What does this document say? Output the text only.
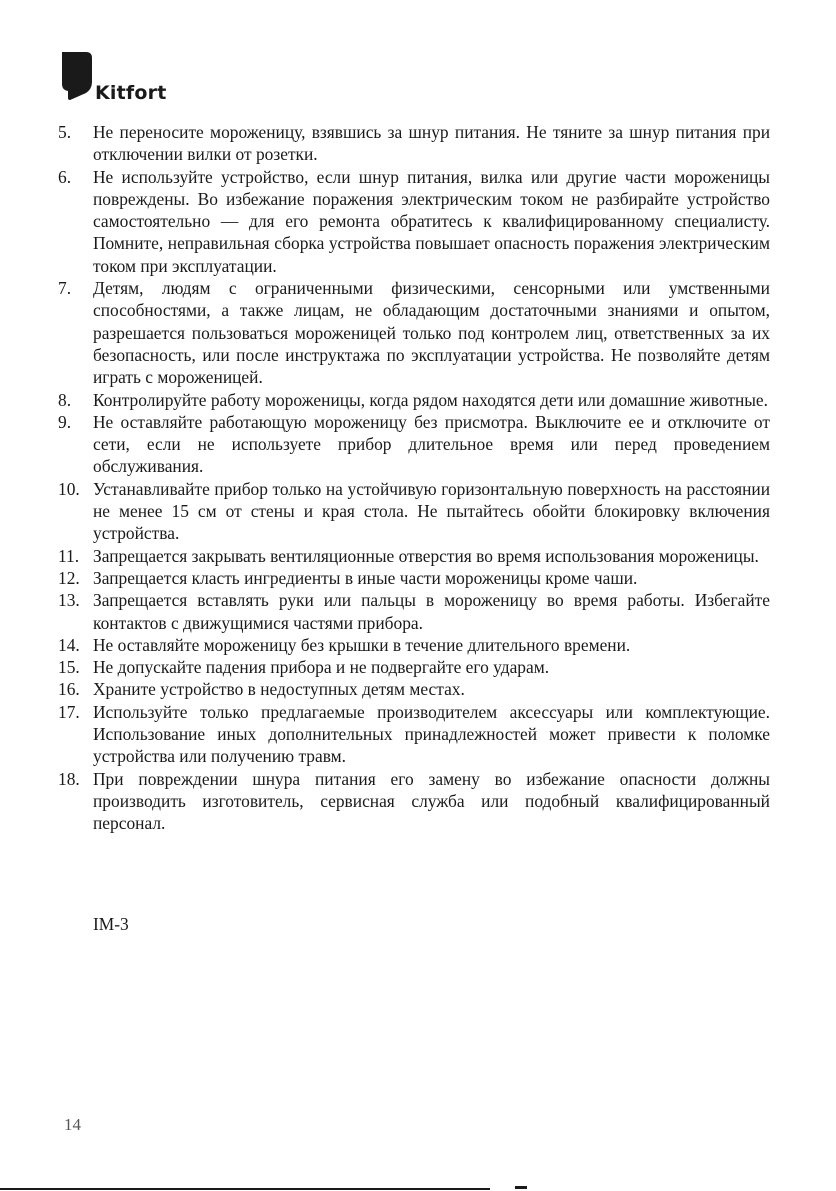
Kitfort
5.	Не переносите мороженицу, взявшись за шнур питания. Не тяните за шнур питания при отключении вилки от розетки.
6.	Не используйте устройство, если шнур питания, вилка или другие части мороженицы повреждены. Во избежание поражения электрическим током не разбирайте устройство самостоятельно — для его ремонта обратитесь к квалифицированному специалисту. Помните, неправильная сборка устройства повышает опасность поражения электрическим током при эксплуатации.
7.	Детям, людям с ограниченными физическими, сенсорными или умственными способностями, а также лицам, не обладающим достаточными знаниями и опытом, разрешается пользоваться мороженицей только под контролем лиц, ответственных за их безопасность, или после инструктажа по эксплуатации устройства. Не позволяйте детям играть с мороженицей.
8.	Контролируйте работу мороженицы, когда рядом находятся дети или домашние животные.
9.	Не оставляйте работающую мороженицу без присмотра. Выключите ее и отключите от сети, если не используете прибор длительное время или перед проведением обслуживания.
10. Устанавливайте прибор только на устойчивую горизонтальную поверхность на расстоянии не менее 15 см от стены и края стола. Не пытайтесь обойти блокировку включения устройства.
11. Запрещается закрывать вентиляционные отверстия во время использования мороженицы.
12. Запрещается класть ингредиенты в иные части мороженицы кроме чаши.
13. Запрещается вставлять руки или пальцы в мороженицу во время работы. Избегайте контактов с движущимися частями прибора.
14. Не оставляйте мороженицу без крышки в течение длительного времени.
15. Не допускайте падения прибора и не подвергайте его ударам.
16. Храните устройство в недоступных детям местах.
17. Используйте только предлагаемые производителем аксессуары или комплектующие. Использование иных дополнительных принадлежностей может привести к поломке устройства или получению травм.
18. При повреждении шнура питания его замену во избежание опасности должны производить изготовитель, сервисная служба или подобный квалифицированный персонал.
IM-3
14
